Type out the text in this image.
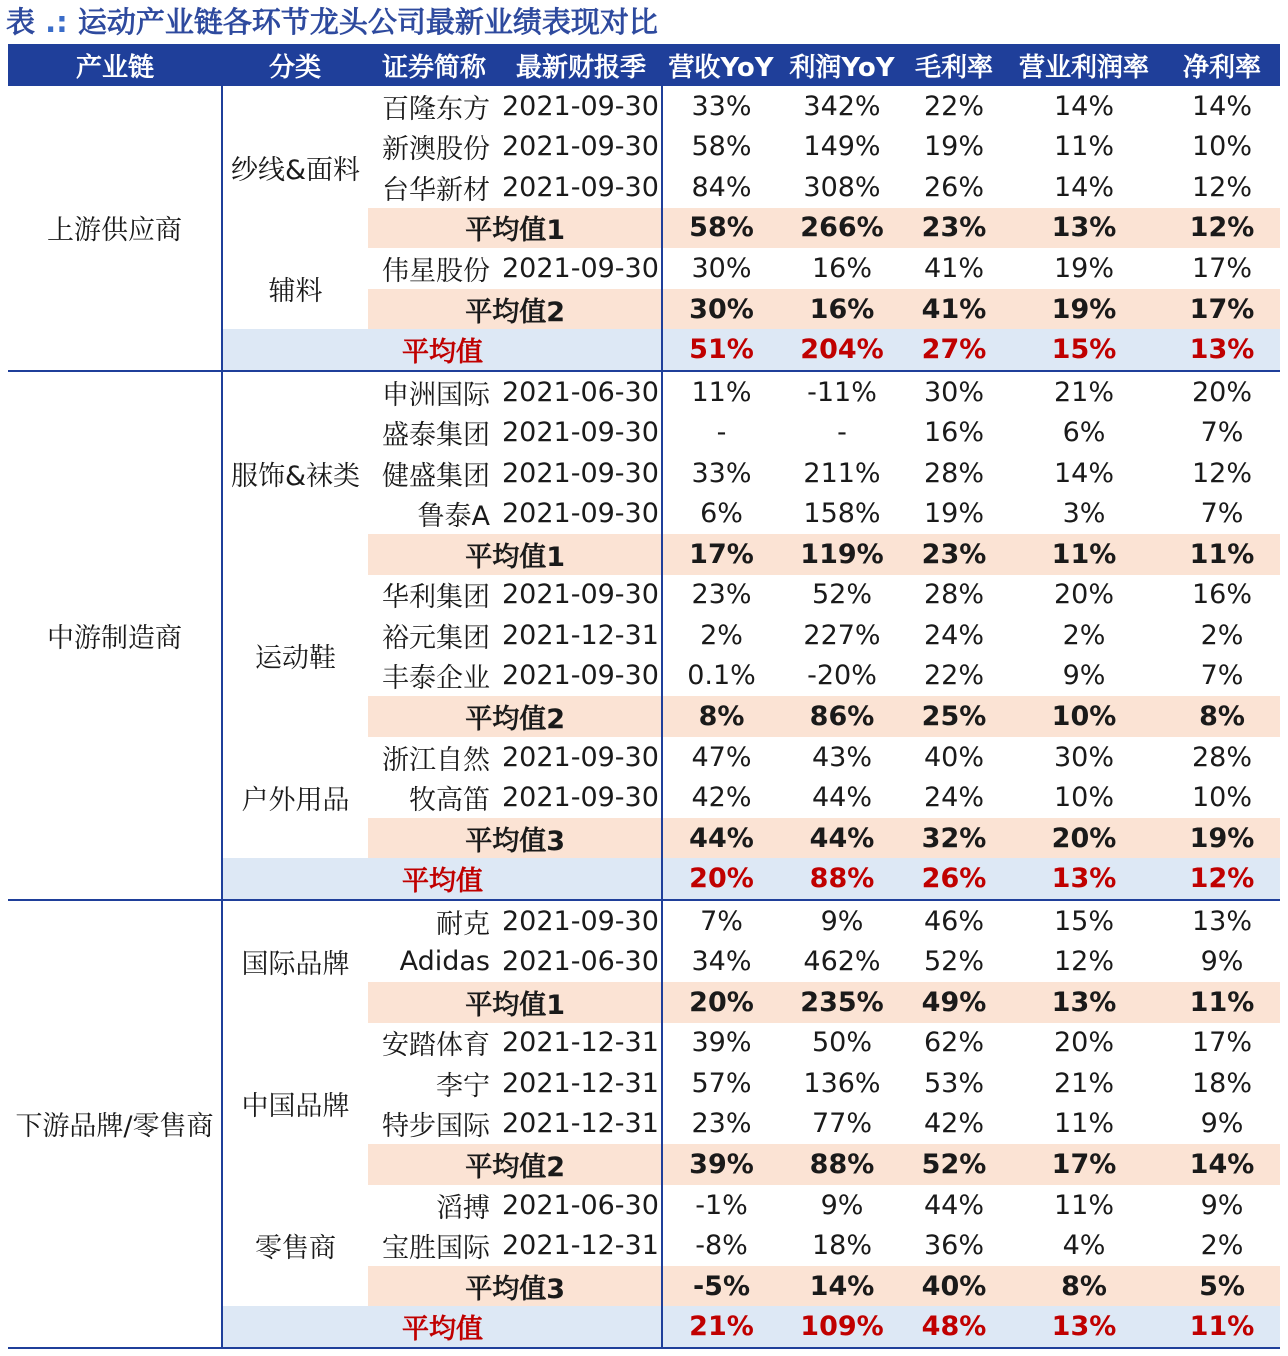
表 .: 运动产业链各环节龙头公司最新业绩表现对比
产业链	分类	证券简称	最新财报季	营收YoY	利润YoY	毛利率	营业利润率	净利率
上游供应商	纱线&面料	百隆东方	2021-09-30	33%	342%	22%	14%	14%
		新澳股份	2021-09-30	58%	149%	19%	11%	10%
		台华新材	2021-09-30	84%	308%	26%	14%	12%
		平均值1		58%	266%	23%	13%	12%
	辅料	伟星股份	2021-09-30	30%	16%	41%	19%	17%
		平均值2		30%	16%	41%	19%	17%
	平均值			51%	204%	27%	15%	13%
中游制造商	服饰&袜类	申洲国际	2021-06-30	11%	-11%	30%	21%	20%
		盛泰集团	2021-09-30	-	-	16%	6%	7%
		健盛集团	2021-09-30	33%	211%	28%	14%	12%
		鲁泰A	2021-09-30	6%	158%	19%	3%	7%
		平均值1		17%	119%	23%	11%	11%
	运动鞋	华利集团	2021-09-30	23%	52%	28%	20%	16%
		裕元集团	2021-12-31	2%	227%	24%	2%	2%
		丰泰企业	2021-09-30	0.1%	-20%	22%	9%	7%
		平均值2		8%	86%	25%	10%	8%
	户外用品	浙江自然	2021-09-30	47%	43%	40%	30%	28%
		牧高笛	2021-09-30	42%	44%	24%	10%	10%
		平均值3		44%	44%	32%	20%	19%
	平均值			20%	88%	26%	13%	12%
下游品牌/零售商	国际品牌	耐克	2021-09-30	7%	9%	46%	15%	13%
		Adidas	2021-06-30	34%	462%	52%	12%	9%
		平均值1		20%	235%	49%	13%	11%
	中国品牌	安踏体育	2021-12-31	39%	50%	62%	20%	17%
		李宁	2021-12-31	57%	136%	53%	21%	18%
		特步国际	2021-12-31	23%	77%	42%	11%	9%
		平均值2		39%	88%	52%	17%	14%
	零售商	滔搏	2021-06-30	-1%	9%	44%	11%	9%
		宝胜国际	2021-12-31	-8%	18%	36%	4%	2%
		平均值3		-5%	14%	40%	8%	5%
	平均值			21%	109%	48%	13%	11%
